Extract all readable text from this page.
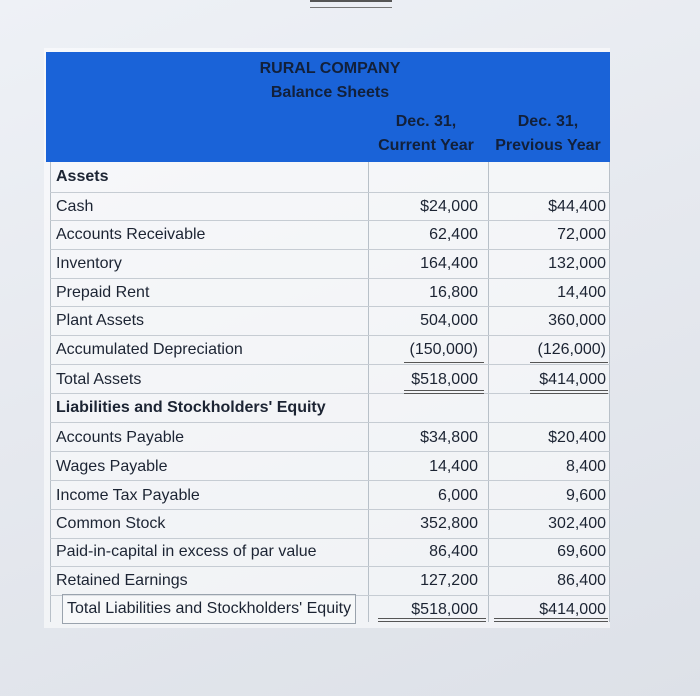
RURAL COMPANY
Balance Sheets
Dec. 31,
Current Year
Dec. 31,
Previous Year
Assets
Cash	$24,000	$44,400
Accounts Receivable	62,400	72,000
Inventory	164,400	132,000
Prepaid Rent	16,800	14,400
Plant Assets	504,000	360,000
Accumulated Depreciation	(150,000)	(126,000)
Total Assets	$518,000	$414,000
Liabilities and Stockholders' Equity
Accounts Payable	$34,800	$20,400
Wages Payable	14,400	8,400
Income Tax Payable	6,000	9,600
Common Stock	352,800	302,400
Paid-in-capital in excess of par value	86,400	69,600
Retained Earnings	127,200	86,400
Total Liabilities and Stockholders' Equity	$518,000	$414,000
